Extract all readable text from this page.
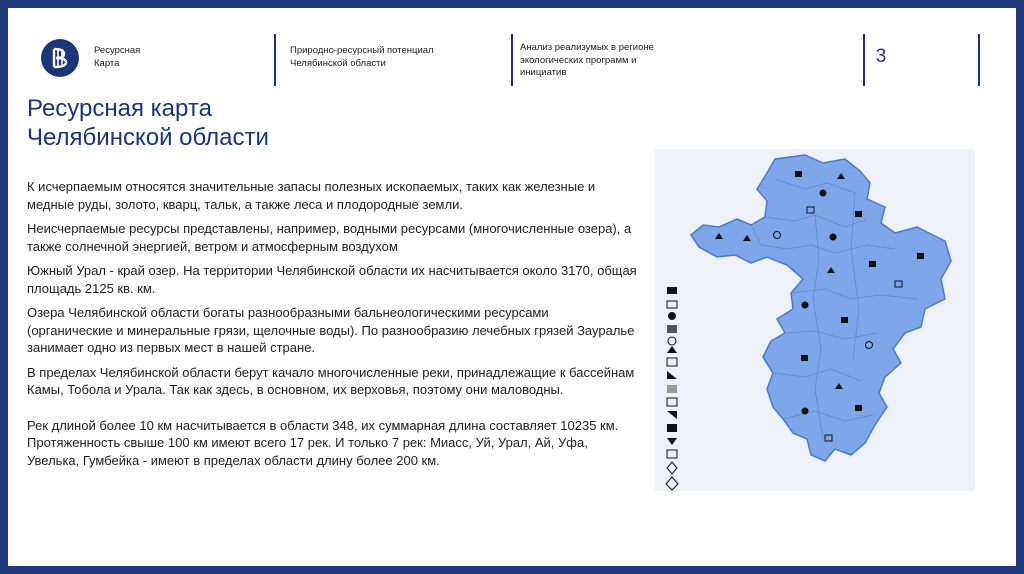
Ресурсная
Карта
Природно-ресурсный потенциал
Челябинской области
Анализ реализумых в регионе
экологических программ и
инициатив
3
Ресурсная карта
Челябинской области

К исчерпаемым относятся значительные запасы полезных ископаемых, таких как железные и медные руды, золото, кварц, тальк, а также леса и плодородные земли.

Неисчерпаемые ресурсы представлены, например, водными ресурсами (многочисленные озера), а также солнечной энергией, ветром и атмосферным воздухом

Южный Урал - край озер. На территории Челябинской области их насчитывается около 3170, общая площадь 2125 кв. км.

Озера Челябинской области богаты разнообразными бальнеологическими ресурсами (органические и минеральные грязи, щелочные воды). По разнообразию лечебных грязей Зауралье занимает одно из первых мест в нашей стране.

В пределах Челябинской области берут качало многочисленные реки, принадлежащие к бассейнам Камы, Тобола и Урала. Так как здесь, в основном, их верховья, поэтому они маловодны.

Рек длиной более 10 км насчитывается в области 348, их суммарная длина составляет 10235 км. Протяженность свыше 100 км имеют всего 17 рек. И только 7 рек: Миасс, Уй, Урал, Ай, Уфа, Увелька, Гумбейка - имеют в пределах области длину более 200 км.
